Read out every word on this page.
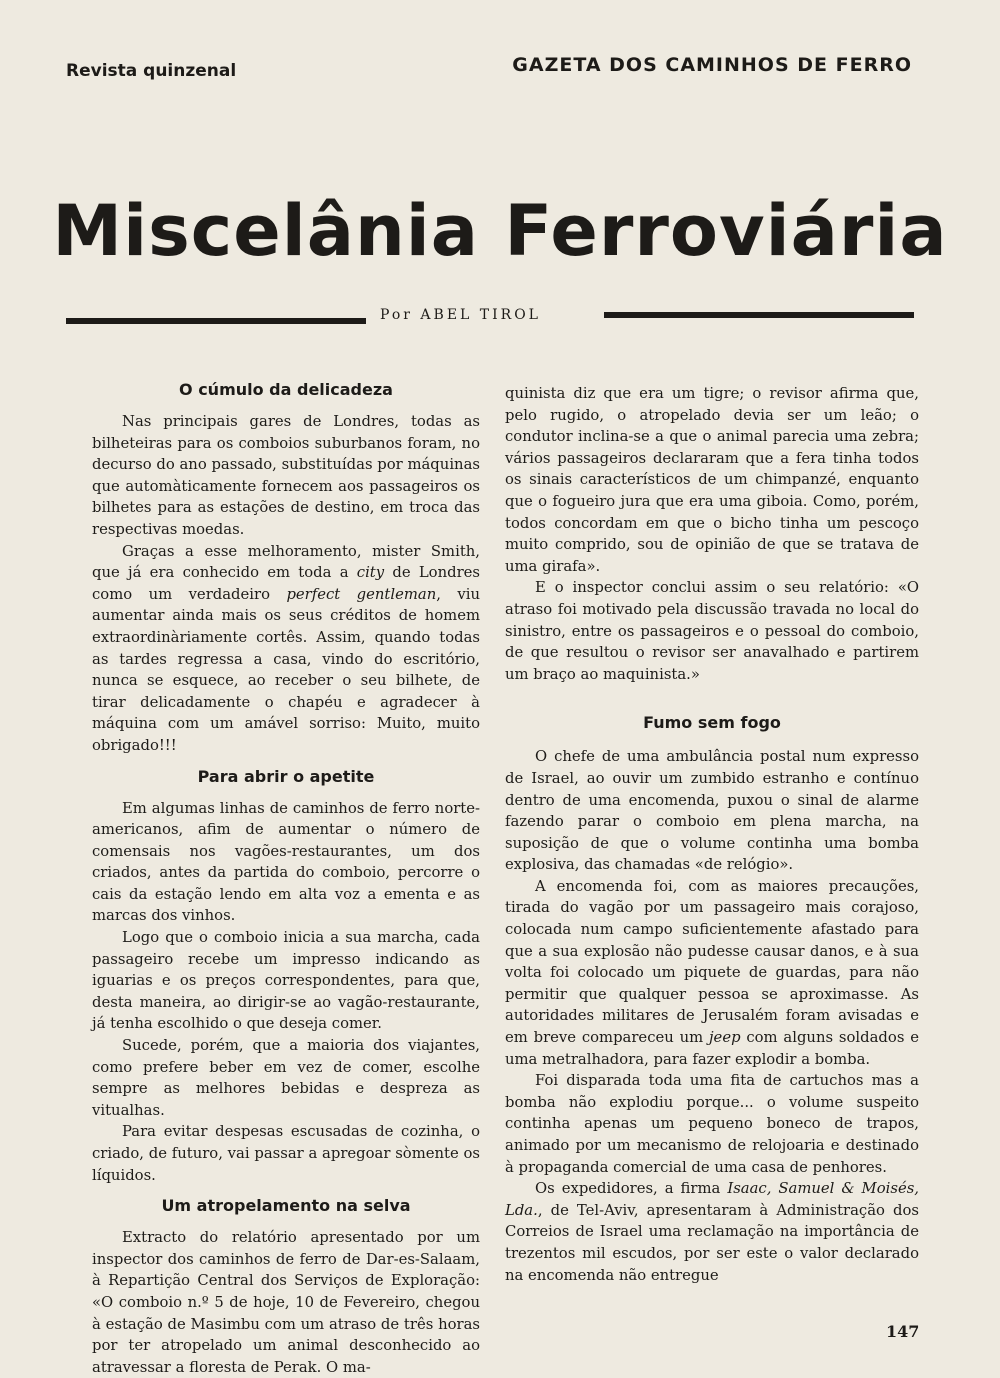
Revista quinzenal	GAZETA DOS CAMINHOS DE FERRO
Miscelânia Ferroviária
Por ABEL TIROL
O cúmulo da delicadeza

Nas principais gares de Londres, todas as bilheteiras para os comboios suburbanos foram, no decurso do ano passado, substituídas por máquinas que automàticamente fornecem aos passageiros os bilhetes para as estações de destino, em troca das respectivas moedas.

Graças a esse melhoramento, mister Smith, que já era conhecido em toda a city de Londres como um verdadeiro perfect gentleman, viu aumentar ainda mais os seus créditos de homem extraordinàriamente cortês. Assim, quando todas as tardes regressa a casa, vindo do escritório, nunca se esquece, ao receber o seu bilhete, de tirar delicadamente o chapéu e agradecer à máquina com um amável sorriso: Muito, muito obrigado!!!

Para abrir o apetite

Em algumas linhas de caminhos de ferro norte-americanos, afim de aumentar o número de comensais nos vagões-restaurantes, um dos criados, antes da partida do comboio, percorre o cais da estação lendo em alta voz a ementa e as marcas dos vinhos.

Logo que o comboio inicia a sua marcha, cada passageiro recebe um impresso indicando as iguarias e os preços correspondentes, para que, desta maneira, ao dirigir-se ao vagão-restaurante, já tenha escolhido o que deseja comer.

Sucede, porém, que a maioria dos viajantes, como prefere beber em vez de comer, escolhe sempre as melhores bebidas e despreza as vitualhas.

Para evitar despesas escusadas de cozinha, o criado, de futuro, vai passar a apregoar sòmente os líquidos.

Um atropelamento na selva

Extracto do relatório apresentado por um inspector dos caminhos de ferro de Dar-es-Salaam, à Repartição Central dos Serviços de Exploração: «O comboio n.º 5 de hoje, 10 de Fevereiro, chegou à estação de Masimbu com um atraso de três horas por ter atropelado um animal desconhecido ao atravessar a floresta de Perak. O ma-

quinista diz que era um tigre; o revisor afirma que, pelo rugido, o atropelado devia ser um leão; o condutor inclina-se a que o animal parecia uma zebra; vários passageiros declararam que a fera tinha todos os sinais característicos de um chimpanzé, enquanto que o fogueiro jura que era uma giboia. Como, porém, todos concordam em que o bicho tinha um pescoço muito comprido, sou de opinião de que se tratava de uma girafa».

E o inspector conclui assim o seu relatório: «O atraso foi motivado pela discussão travada no local do sinistro, entre os passageiros e o pessoal do comboio, de que resultou o revisor ser anavalhado e partirem um braço ao maquinista.»

Fumo sem fogo

O chefe de uma ambulância postal num expresso de Israel, ao ouvir um zumbido estranho e contínuo dentro de uma encomenda, puxou o sinal de alarme fazendo parar o comboio em plena marcha, na suposição de que o volume continha uma bomba explosiva, das chamadas «de relógio».

A encomenda foi, com as maiores precauções, tirada do vagão por um passageiro mais corajoso, colocada num campo suficientemente afastado para que a sua explosão não pudesse causar danos, e à sua volta foi colocado um piquete de guardas, para não permitir que qualquer pessoa se aproximasse. As autoridades militares de Jerusalém foram avisadas e em breve compareceu um jeep com alguns soldados e uma metralhadora, para fazer explodir a bomba.

Foi disparada toda uma fita de cartuchos mas a bomba não explodiu porque... o volume suspeito continha apenas um pequeno boneco de trapos, animado por um mecanismo de relojoaria e destinado à propaganda comercial de uma casa de penhores.

Os expedidores, a firma Isaac, Samuel & Moisés, Lda., de Tel-Aviv, apresentaram à Administração dos Correios de Israel uma reclamação na importância de trezentos mil escudos, por ser este o valor declarado na encomenda não entregue

147
